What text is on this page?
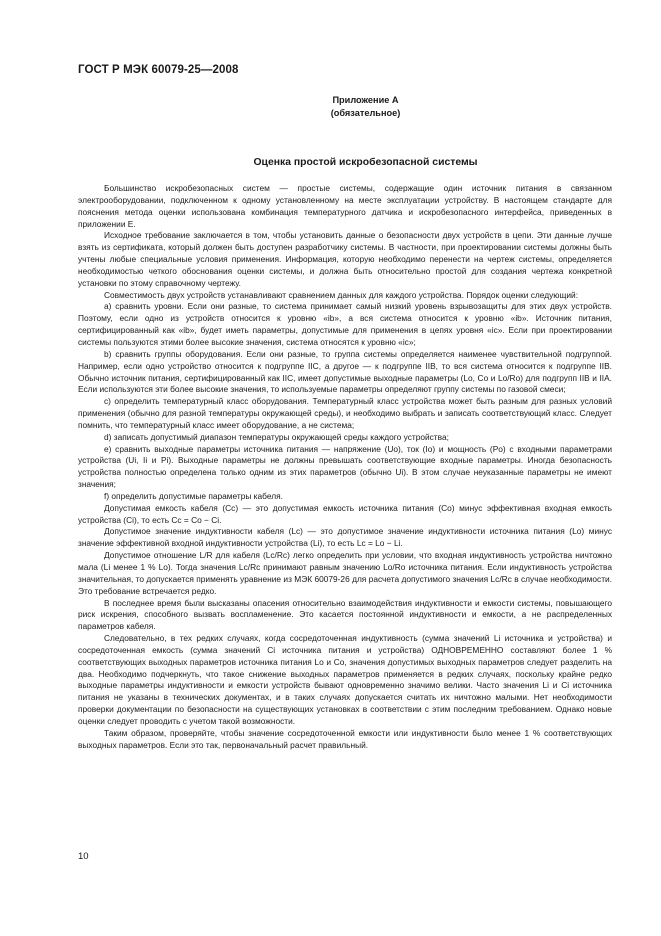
ГОСТ Р МЭК 60079-25—2008
Приложение А
(обязательное)
Оценка простой искробезопасной системы

Большинство искробезопасных систем — простые системы, содержащие один источник питания в связанном электрооборудовании, подключенном к одному установленному на месте эксплуатации устройству. В настоящем стандарте для пояснения метода оценки использована комбинация температурного датчика и искробезопасного интерфейса, приведенных в приложении Е.

Исходное требование заключается в том, чтобы установить данные о безопасности двух устройств в цепи. Эти данные лучше взять из сертификата, который должен быть доступен разработчику системы. В частности, при проектировании системы должны быть учтены любые специальные условия применения. Информация, которую необходимо перенести на чертеж системы, определяется необходимостью четкого обоснования оценки системы, и должна быть относительно простой для создания чертежа конкретной установки по этому справочному чертежу.

Совместимость двух устройств устанавливают сравнением данных для каждого устройства. Порядок оценки следующий:

a) сравнить уровни. Если они разные, то система принимает самый низкий уровень взрывозащиты для этих двух устройств. Поэтому, если одно из устройств относится к уровню «ib», а вся система относится к уровню «ib». Источник питания, сертифицированный как «ib», будет иметь параметры, допустимые для применения в цепях уровня «ic». Если при проектировании системы пользуются этими более высокие значения, система относятся к уровню «ic»;

b) сравнить группы оборудования. Если они разные, то группа системы определяется наименее чувствительной подгруппой. Например, если одно устройство относится к подгруппе IIC, а другое — к подгруппе IIB, то вся система относится к подгруппе IIB. Обычно источник питания, сертифицированный как IIC, имеет допустимые выходные параметры (Lo, Co и Lo/Ro) для подгрупп IIB и IIA. Если используются эти более высокие значения, то используемые параметры определяют группу системы по газовой смеси;

c) определить температурный класс оборудования. Температурный класс устройства может быть разным для разных условий применения (обычно для разной температуры окружающей среды), и необходимо выбрать и записать соответствующий класс. Следует помнить, что температурный класс имеет оборудование, а не система;

d) записать допустимый диапазон температуры окружающей среды каждого устройства;

e) сравнить выходные параметры источника питания — напряжение (Uo), ток (Io) и мощность (Po) с входными параметрами устройства (Ui, Ii и Pi). Выходные параметры не должны превышать соответствующие входные параметры. Иногда безопасность устройства полностью определена только одним из этих параметров (обычно Ui). В этом случае неуказанные параметры не имеют значения;

f) определить допустимые параметры кабеля.

Допустимая емкость кабеля (Cc) — это допустимая емкость источника питания (Co) минус эффективная входная емкость устройства (Ci), то есть Cc = Co − Ci.

Допустимое значение индуктивности кабеля (Lc) — это допустимое значение индуктивности источника питания (Lo) минус значение эффективной входной индуктивности устройства (Li), то есть Lc = Lo − Li.

Допустимое отношение L/R для кабеля (Lc/Rc) легко определить при условии, что входная индуктивность устройства ничтожно мала (Li менее 1 % Lo). Тогда значения Lc/Rc принимают равным значению Lo/Ro источника питания. Если индуктивность устройства значительная, то допускается применять уравнение из МЭК 60079-26 для расчета допустимого значения Lc/Rc в случае необходимости. Это требование встречается редко.

В последнее время были высказаны опасения относительно взаимодействия индуктивности и емкости системы, повышающего риск искрения, способного вызвать воспламенение. Это касается постоянной индуктивности и емкости, а не распределенных параметров кабеля.

Следовательно, в тех редких случаях, когда сосредоточенная индуктивность (сумма значений Li источника и устройства) и сосредоточенная емкость (сумма значений Ci источника питания и устройства) ОДНОВРЕМЕННО составляют более 1 % соответствующих выходных параметров источника питания Lo и Co, значения допустимых выходных параметров следует разделить на два. Необходимо подчеркнуть, что такое снижение выходных параметров применяется в редких случаях, поскольку крайне редко выходные параметры индуктивности и емкости устройств бывают одновременно значимо велики. Часто значения Li и Ci источника питания не указаны в технических документах, и в таких случаях допускается считать их ничтожно малыми. Нет необходимости проверки документации по безопасности на существующих установках в соответствии с этим последним требованием. Однако новые оценки следует проводить с учетом такой возможности.

Таким образом, проверяйте, чтобы значение сосредоточенной емкости или индуктивности было менее 1 % соответствующих выходных параметров. Если это так, первоначальный расчет правильный.

10
